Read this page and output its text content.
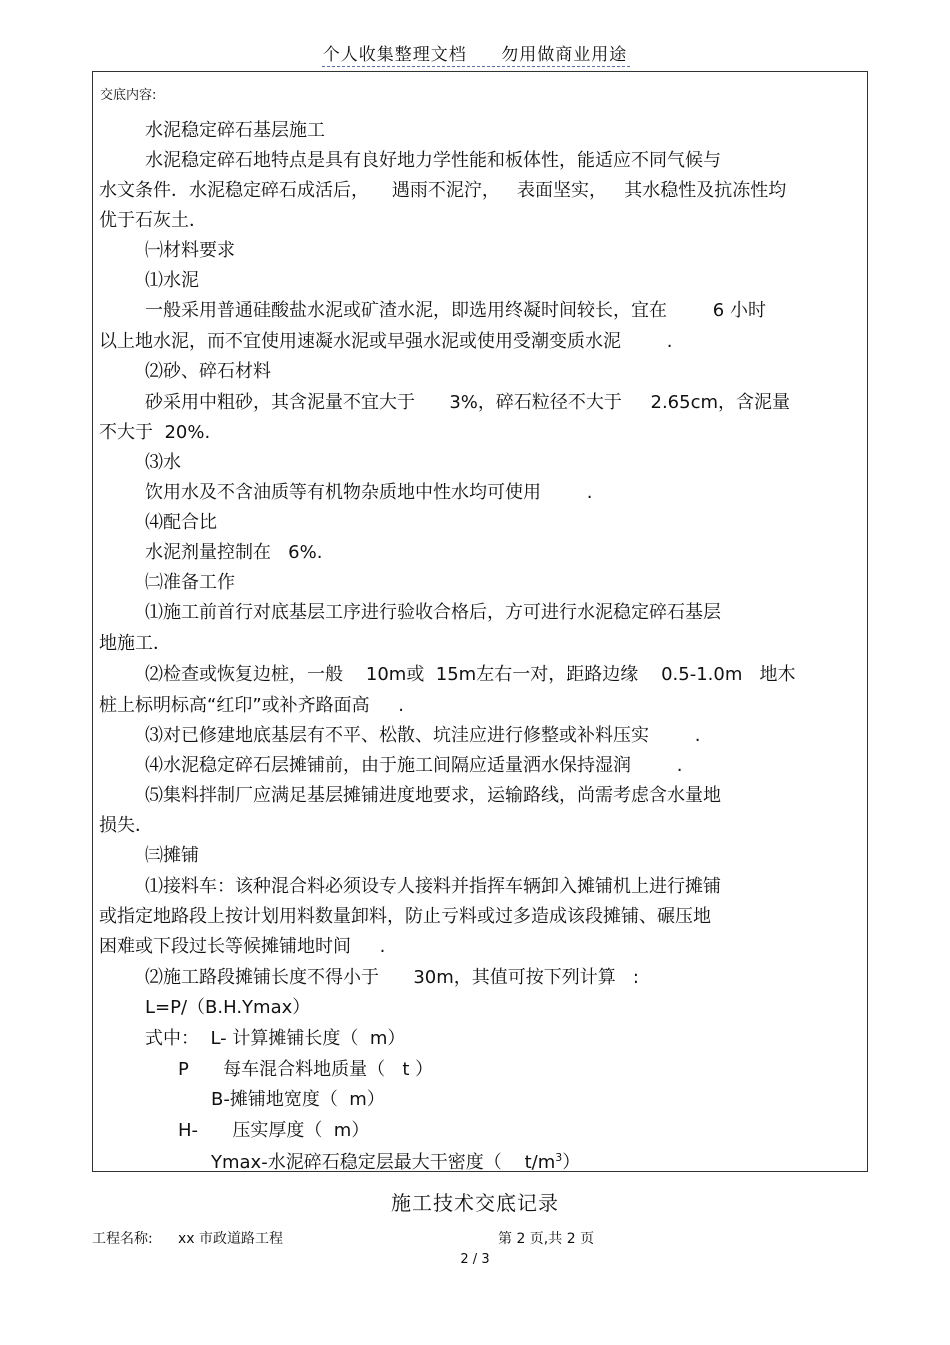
个人收集整理文档 勿用做商业用途
交底内容:
水泥稳定碎石基层施工
水泥稳定碎石地特点是具有良好地力学性能和板体性，能适应不同气候与
水文条件．水泥稳定碎石成活后，    遇雨不泥泞，   表面坚实，   其水稳性及抗冻性均
优于石灰土．
㈠材料要求
⑴水泥
一般采用普通硅酸盐水泥或矿渣水泥，即选用终凝时间较长，宜在        6 小时
以上地水泥，而不宜使用速凝水泥或早强水泥或使用受潮变质水泥        .
⑵砂、碎石材料
砂采用中粗砂，其含泥量不宜大于      3%，碎石粒径不大于     2.65cm，含泥量
不大于  20%.
⑶水
饮用水及不含油质等有机物杂质地中性水均可使用        .
⑷配合比
水泥剂量控制在   6%.
㈡准备工作
⑴施工前首行对底基层工序进行验收合格后，方可进行水泥稳定碎石基层
地施工．
⑵检查或恢复边桩，一般    10m或  15m左右一对，距路边缘    0.5-1.0m   地木
桩上标明标高“红印”或补齐路面高     .
⑶对已修建地底基层有不平、松散、坑洼应进行修整或补料压实        .
⑷水泥稳定碎石层摊铺前，由于施工间隔应适量洒水保持湿润        .
⑸集料拌制厂应满足基层摊铺进度地要求，运输路线，尚需考虑含水量地
损失．
㈢摊铺
⑴接料车：该种混合料必须设专人接料并指挥车辆卸入摊铺机上进行摊铺
或指定地路段上按计划用料数量卸料，防止亏料或过多造成该段摊铺、碾压地
困难或下段过长等候摊铺地时间     .
⑵施工路段摊铺长度不得小于      30m，其值可按下列计算   :
L=P/（B.H.Ymax）
式中：  L- 计算摊铺长度（  m）
P      每车混合料地质量（   t ）
B-摊铺地宽度（  m）
H-      压实厚度（  m）
Ymax-水泥碎石稳定层最大干密度（    $t/m^3$）
施工技术交底记录
工程名称: xx 市政道路工程	第 2 页,共 2 页
2 / 3
